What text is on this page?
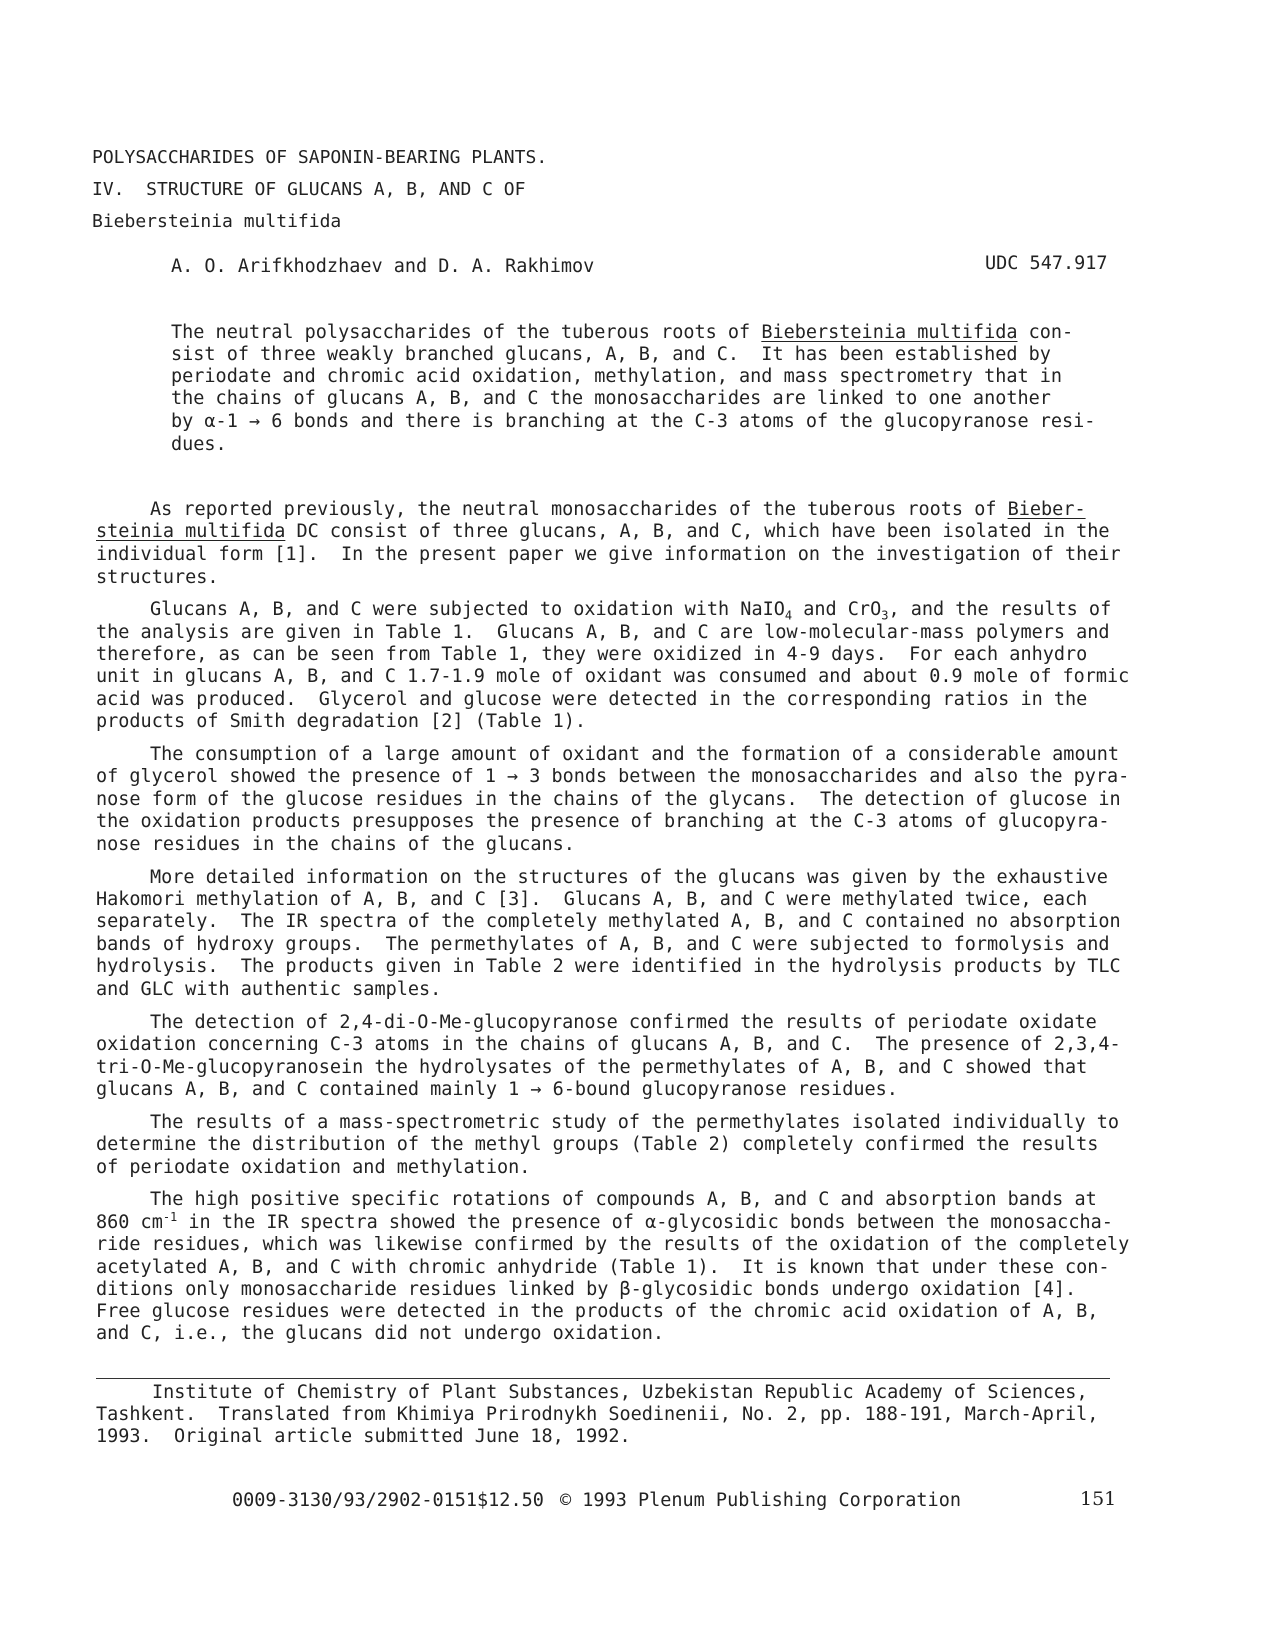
POLYSACCHARIDES OF SAPONIN-BEARING PLANTS.
IV.  STRUCTURE OF GLUCANS A, B, AND C OF
Biebersteinia multifida
A. O. Arifkhodzhaev and D. A. Rakhimov	UDC 547.917
The neutral polysaccharides of the tuberous roots of Biebersteinia multifida con-
sist of three weakly branched glucans, A, B, and C.  It has been established by
periodate and chromic acid oxidation, methylation, and mass spectrometry that in
the chains of glucans A, B, and C the monosaccharides are linked to one another
by α-1 → 6 bonds and there is branching at the C-3 atoms of the glucopyranose resi-
dues.
As reported previously, the neutral monosaccharides of the tuberous roots of Bieber-
steinia multifida DC consist of three glucans, A, B, and C, which have been isolated in the
individual form [1].  In the present paper we give information on the investigation of their
structures.
Glucans A, B, and C were subjected to oxidation with NaIO$_4$ and CrO$_3$, and the results of
the analysis are given in Table 1.  Glucans A, B, and C are low-molecular-mass polymers and
therefore, as can be seen from Table 1, they were oxidized in 4-9 days.  For each anhydro
unit in glucans A, B, and C 1.7-1.9 mole of oxidant was consumed and about 0.9 mole of formic
acid was produced.  Glycerol and glucose were detected in the corresponding ratios in the
products of Smith degradation [2] (Table 1).
The consumption of a large amount of oxidant and the formation of a considerable amount
of glycerol showed the presence of 1 → 3 bonds between the monosaccharides and also the pyra-
nose form of the glucose residues in the chains of the glycans.  The detection of glucose in
the oxidation products presupposes the presence of branching at the C-3 atoms of glucopyra-
nose residues in the chains of the glucans.
More detailed information on the structures of the glucans was given by the exhaustive
Hakomori methylation of A, B, and C [3].  Glucans A, B, and C were methylated twice, each
separately.  The IR spectra of the completely methylated A, B, and C contained no absorption
bands of hydroxy groups.  The permethylates of A, B, and C were subjected to formolysis and
hydrolysis.  The products given in Table 2 were identified in the hydrolysis products by TLC
and GLC with authentic samples.
The detection of 2,4-di-O-Me-glucopyranose confirmed the results of periodate oxidate
oxidation concerning C-3 atoms in the chains of glucans A, B, and C.  The presence of 2,3,4-
tri-O-Me-glucopyranosein the hydrolysates of the permethylates of A, B, and C showed that
glucans A, B, and C contained mainly 1 → 6-bound glucopyranose residues.
The results of a mass-spectrometric study of the permethylates isolated individually to
determine the distribution of the methyl groups (Table 2) completely confirmed the results
of periodate oxidation and methylation.
The high positive specific rotations of compounds A, B, and C and absorption bands at
860 $cm^{-1}$ in the IR spectra showed the presence of α-glycosidic bonds between the monosaccha-
ride residues, which was likewise confirmed by the results of the oxidation of the completely
acetylated A, B, and C with chromic anhydride (Table 1).  It is known that under these con-
ditions only monosaccharide residues linked by β-glycosidic bonds undergo oxidation [4].
Free glucose residues were detected in the products of the chromic acid oxidation of A, B,
and C, i.e., the glucans did not undergo oxidation.
Institute of Chemistry of Plant Substances, Uzbekistan Republic Academy of Sciences,
Tashkent.  Translated from Khimiya Prirodnykh Soedinenii, No. 2, pp. 188-191, March-April,
1993.  Original article submitted June 18, 1992.
0009-3130/93/2902-0151$12.50 © 1993 Plenum Publishing Corporation	151
